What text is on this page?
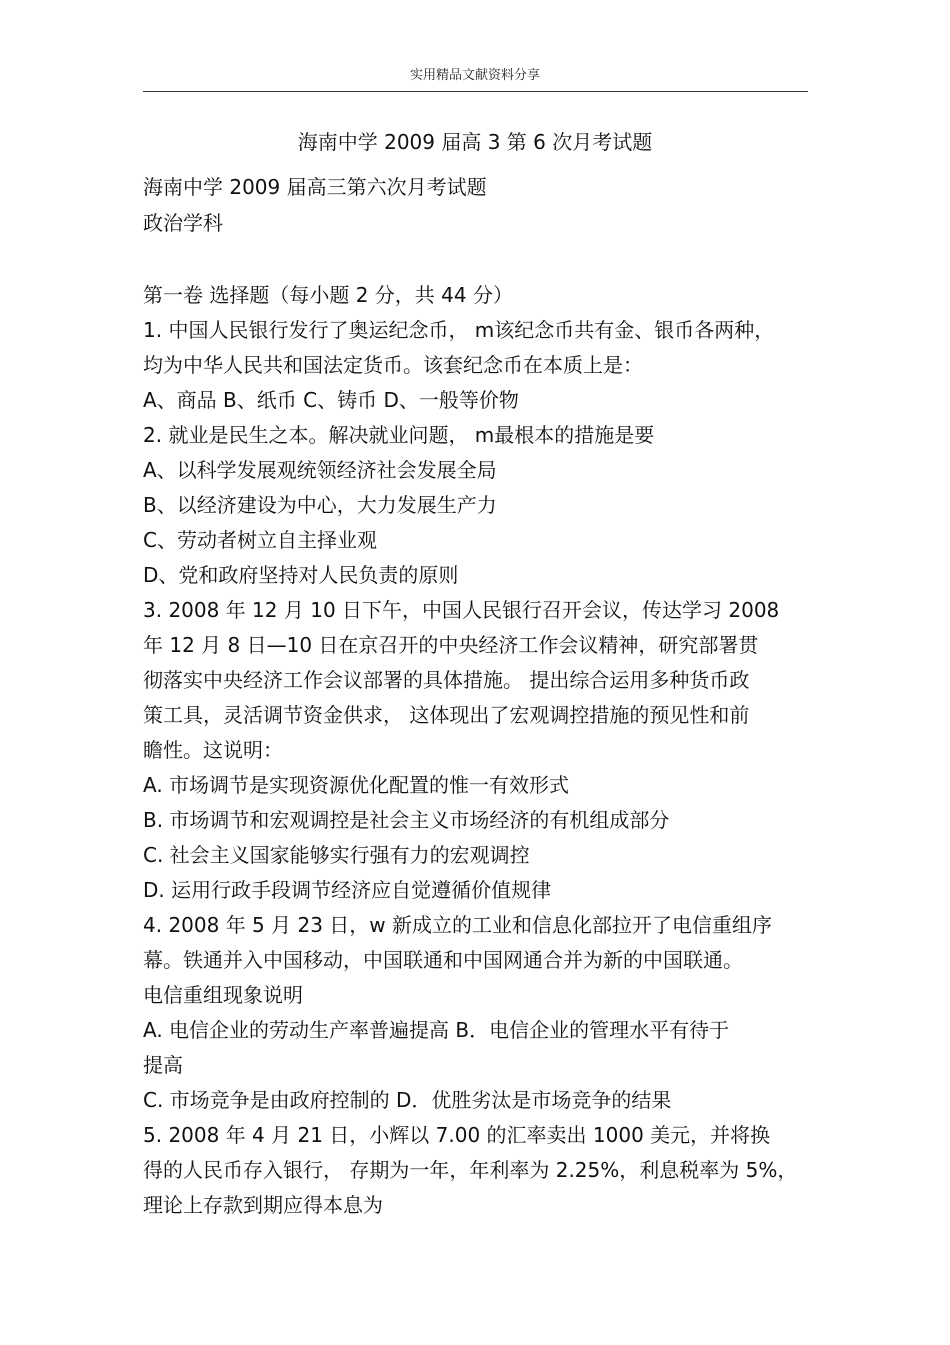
实用精品文献资料分享
海南中学 2009 届高 3 第 6 次月考试题
海南中学 2009 届高三第六次月考试题
政治学科
第一卷 选择题（每小题 2 分，共 44 分）
1. 中国人民银行发行了奥运纪念币， m该纪念币共有金、银币各两种，
均为中华人民共和国法定货币。该套纪念币在本质上是：
A、商品 B、纸币 C、铸币 D、一般等价物
2. 就业是民生之本。解决就业问题， m最根本的措施是要
A、以科学发展观统领经济社会发展全局
B、以经济建设为中心，大力发展生产力
C、劳动者树立自主择业观
D、党和政府坚持对人民负责的原则
3. 2008 年 12 月 10 日下午，中国人民银行召开会议，传达学习 2008
年 12 月 8 日—10 日在京召开的中央经济工作会议精神，研究部署贯
彻落实中央经济工作会议部署的具体措施。 提出综合运用多种货币政
策工具，灵活调节资金供求， 这体现出了宏观调控措施的预见性和前
瞻性。这说明：
A. 市场调节是实现资源优化配置的惟一有效形式
B. 市场调节和宏观调控是社会主义市场经济的有机组成部分
C. 社会主义国家能够实行强有力的宏观调控
D. 运用行政手段调节经济应自觉遵循价值规律
4. 2008 年 5 月 23 日，w 新成立的工业和信息化部拉开了电信重组序
幕。铁通并入中国移动，中国联通和中国网通合并为新的中国联通。
电信重组现象说明
A. 电信企业的劳动生产率普遍提高 B．电信企业的管理水平有待于
提高
C. 市场竞争是由政府控制的 D．优胜劣汰是市场竞争的结果
5. 2008 年 4 月 21 日，小辉以 7.00 的汇率卖出 1000 美元，并将换
得的人民币存入银行， 存期为一年，年利率为 2.25%，利息税率为 5%，
理论上存款到期应得本息为
